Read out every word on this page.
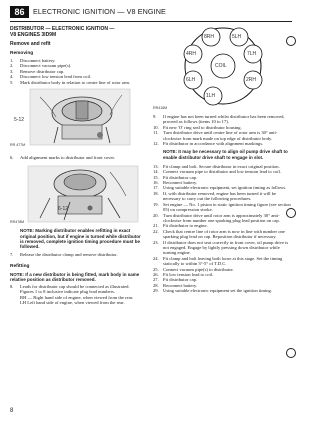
86	ELECTRONIC IGNITION — V8 ENGINE
DISTRIBUTOR — ELECTRONIC IGNITION —
V8 ENGINES 3ID9M
Remove and refit
Removing
1. Disconnect battery.
2. Disconnect vacuum pipe(s).
3. Remove distributor cap.
4. Disconnect low tension lead from coil.
5. Mark distributor body in relation to centre line of rotor arm.
5-12
RR 477M
6. Add alignment marks to distributor and front cover.
6-12
RR478M
NOTE: Marking distributor enables refitting in exact original position, but if engine is turned while distributor is removed, complete ignition timing procedure must be followed.
7. Release the distributor clamp and remove distributor.
Refitting
NOTE: If a new distributor is being fitted, mark body in same relative position as distributor removed.
8. Leads for distributor cap should be connected as illustrated.
Figures 1 to 8 inclusive indicate plug lead numbers.
RH — Right hand side of engine, when viewed from the rear.
LH Left hand side of engine, when viewed from the rear.
8
8RH	5LH
4RH
COIL
7LH
6LH	2RH
1LH
RR416M
9. If engine has not been turned whilst distributor has been removed, proceed as follows (items 10 to 17).
10. Fit new 'O' ring seal to distributor housing.
11. Turn distributor drive until centre line of rotor arm is 30° anti-clockwise from mark made on top edge of distributor body.
12. Fit distributor in accordance with alignment markings.
NOTE: It may be necessary to align oil pump drive shaft to enable distributor drive shaft to engage in slot.
13. Fit clamp and bolt. Secure distributor in exact original position.
14. Connect vacuum pipe to distributor and low tension lead to coil.
15. Fit distributor cap.
16. Reconnect battery.
17. Using suitable electronic equipment, set ignition timing as follows.
18. If, with distributor removed, engine has been turned it will be necessary to carry out the following procedures.
19. Set engine — No. 1 piston to static ignition timing figure (see section 05) on compression stroke.
20. Turn distributor drive until rotor arm is approximately 30° anti-clockwise from number one sparking plug lead position on cap.
21. Fit distributor to engine.
22. Check that centre line of rotor arm is now in line with number one sparking plug lead on cap. Reposition distributor if necessary.
23. If distributor does not seat correctly in front cover, oil pump drive is not engaged. Engage by lightly pressing down distributor while turning engine.
24. Fit clamp and bolt leaving both loose at this stage. Set the timing statically to within 3°-5° of T.D.C.
25. Connect vacuum pipe(s) to distributor.
26. Fit low tension lead to coil.
27. Fit distributor cap.
28. Reconnect battery.
29. Using suitable electronic equipment set the ignition timing.
